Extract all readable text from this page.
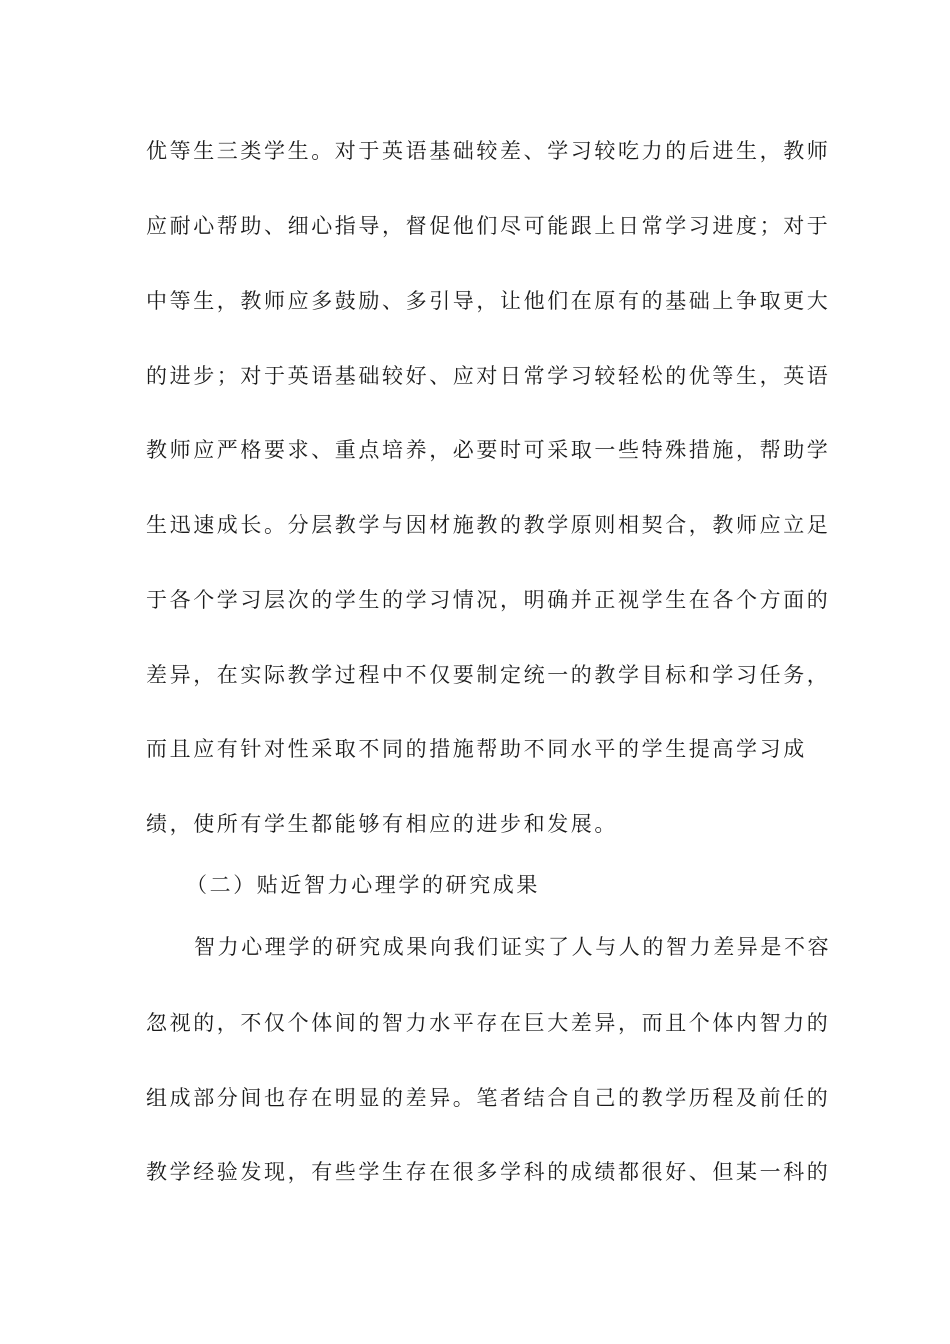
优等生三类学生。对于英语基础较差、学习较吃力的后进生，教师
应耐心帮助、细心指导，督促他们尽可能跟上日常学习进度；对于
中等生，教师应多鼓励、多引导，让他们在原有的基础上争取更大
的进步；对于英语基础较好、应对日常学习较轻松的优等生，英语
教师应严格要求、重点培养，必要时可采取一些特殊措施，帮助学
生迅速成长。分层教学与因材施教的教学原则相契合，教师应立足
于各个学习层次的学生的学习情况，明确并正视学生在各个方面的
差异，在实际教学过程中不仅要制定统一的教学目标和学习任务，
而且应有针对性采取不同的措施帮助不同水平的学生提高学习成
绩，使所有学生都能够有相应的进步和发展。
（二）贴近智力心理学的研究成果
智力心理学的研究成果向我们证实了人与人的智力差异是不容
忽视的，不仅个体间的智力水平存在巨大差异，而且个体内智力的
组成部分间也存在明显的差异。笔者结合自己的教学历程及前任的
教学经验发现，有些学生存在很多学科的成绩都很好、但某一科的
